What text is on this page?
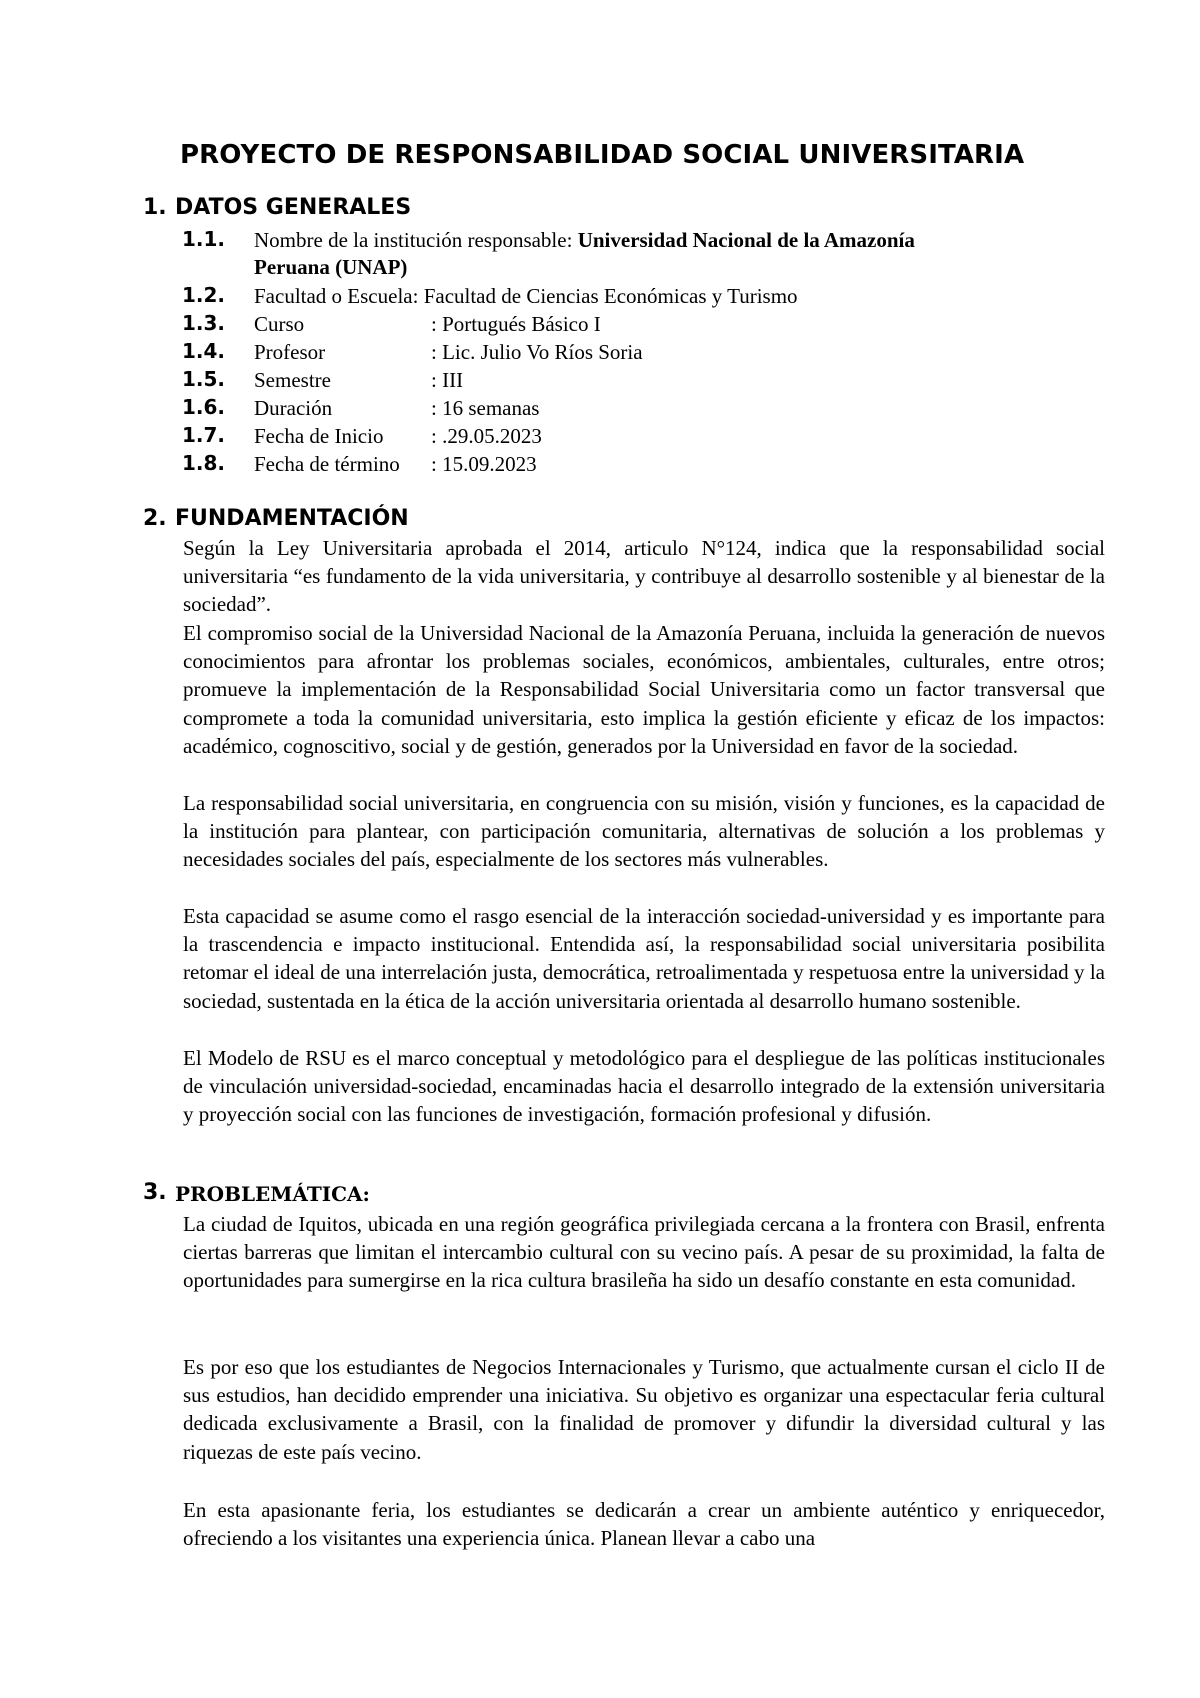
PROYECTO DE RESPONSABILIDAD SOCIAL UNIVERSITARIA
1. DATOS GENERALES
1.1. Nombre de la institución responsable: Universidad Nacional de la Amazonía
Peruana (UNAP)
1.2. Facultad o Escuela: Facultad de Ciencias Económicas y Turismo
1.3. Curso	: Portugués Básico I
1.4. Profesor	: Lic. Julio Vo Ríos Soria
1.5. Semestre	: III
1.6. Duración	: 16 semanas
1.7. Fecha de Inicio : .29.05.2023
1.8. Fecha de término : 15.09.2023
2. FUNDAMENTACIÓN

Según la Ley Universitaria aprobada el 2014, articulo N°124, indica que la responsabilidad social universitaria “es fundamento de la vida universitaria, y contribuye al desarrollo sostenible y al bienestar de la sociedad”.

El compromiso social de la Universidad Nacional de la Amazonía Peruana, incluida la generación de nuevos conocimientos para afrontar los problemas sociales, económicos, ambientales, culturales, entre otros; promueve la implementación de la Responsabilidad Social Universitaria como un factor transversal que compromete a toda la comunidad universitaria, esto implica la gestión eficiente y eficaz de los impactos: académico, cognoscitivo, social y de gestión, generados por la Universidad en favor de la sociedad.

La responsabilidad social universitaria, en congruencia con su misión, visión y funciones, es la capacidad de la institución para plantear, con participación comunitaria, alternativas de solución a los problemas y necesidades sociales del país, especialmente de los sectores más vulnerables.

Esta capacidad se asume como el rasgo esencial de la interacción sociedad-universidad y es importante para la trascendencia e impacto institucional. Entendida así, la responsabilidad social universitaria posibilita retomar el ideal de una interrelación justa, democrática, retroalimentada y respetuosa entre la universidad y la sociedad, sustentada en la ética de la acción universitaria orientada al desarrollo humano sostenible.

El Modelo de RSU es el marco conceptual y metodológico para el despliegue de las políticas institucionales de vinculación universidad-sociedad, encaminadas hacia el desarrollo integrado de la extensión universitaria y proyección social con las funciones de investigación, formación profesional y difusión.

3. PROBLEMÁTICA:

La ciudad de Iquitos, ubicada en una región geográfica privilegiada cercana a la frontera con Brasil, enfrenta ciertas barreras que limitan el intercambio cultural con su vecino país. A pesar de su proximidad, la falta de oportunidades para sumergirse en la rica cultura brasileña ha sido un desafío constante en esta comunidad.

Es por eso que los estudiantes de Negocios Internacionales y Turismo, que actualmente cursan el ciclo II de sus estudios, han decidido emprender una iniciativa. Su objetivo es organizar una espectacular feria cultural dedicada exclusivamente a Brasil, con la finalidad de promover y difundir la diversidad cultural y las riquezas de este país vecino.

En esta apasionante feria, los estudiantes se dedicarán a crear un ambiente auténtico y enriquecedor, ofreciendo a los visitantes una experiencia única. Planean llevar a cabo una
